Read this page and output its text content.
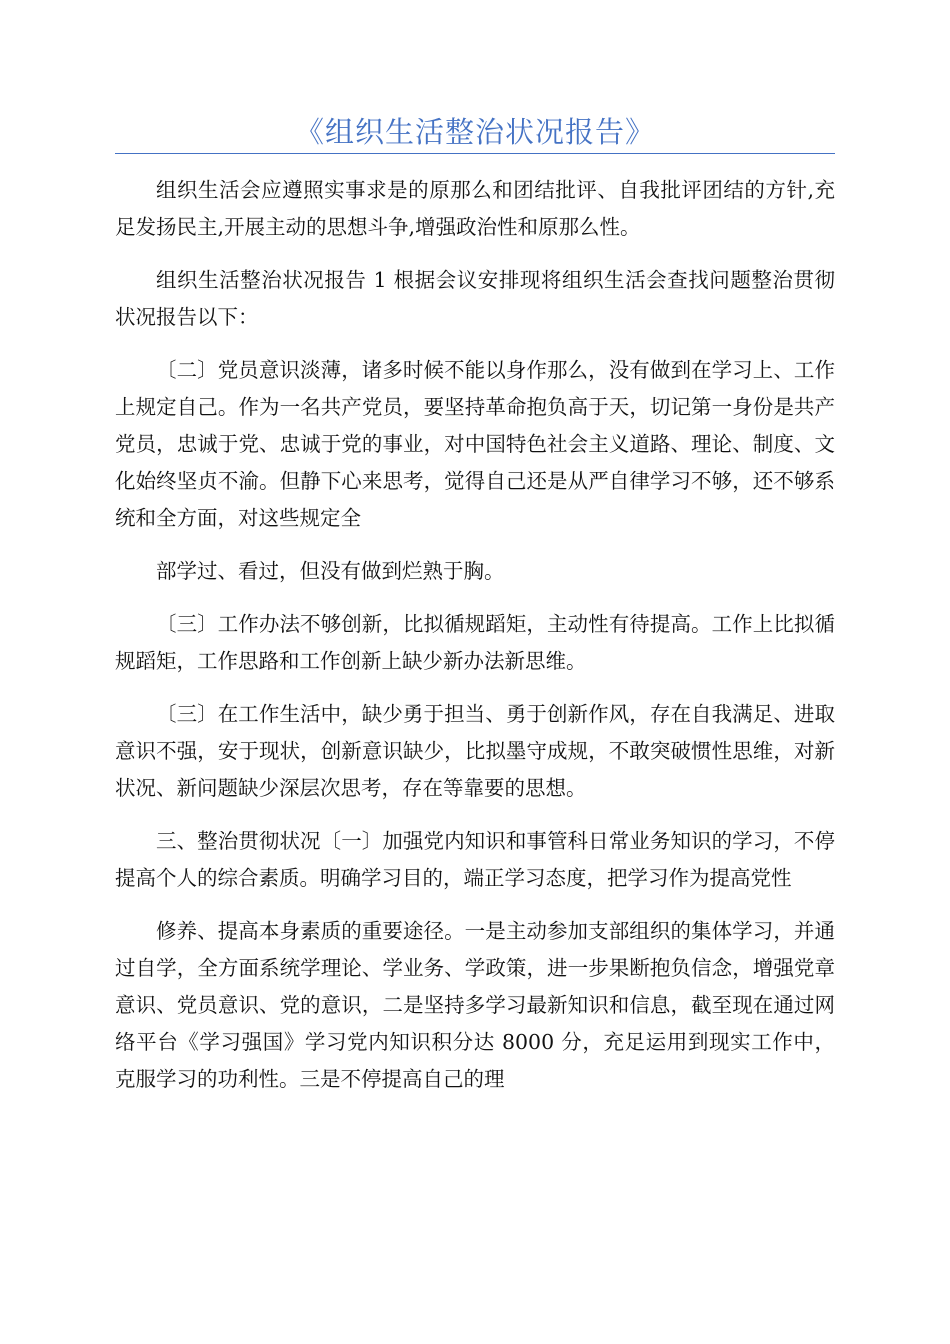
《组织生活整治状况报告》

组织生活会应遵照实事求是的原那么和团结批评、自我批评团结的方针,充足发扬民主,开展主动的思想斗争,增强政治性和原那么性。

组织生活整治状况报告 1 根据会议安排现将组织生活会查找问题整治贯彻状况报告以下：

〔二〕党员意识淡薄，诸多时候不能以身作那么，没有做到在学习上、工作上规定自己。作为一名共产党员，要坚持革命抱负高于天，切记第一身份是共产党员，忠诚于党、忠诚于党的事业，对中国特色社会主义道路、理论、制度、文化始终坚贞不渝。但静下心来思考，觉得自己还是从严自律学习不够，还不够系统和全方面，对这些规定全

部学过、看过，但没有做到烂熟于胸。

〔三〕工作办法不够创新，比拟循规蹈矩，主动性有待提高。工作上比拟循规蹈矩，工作思路和工作创新上缺少新办法新思维。

〔三〕在工作生活中，缺少勇于担当、勇于创新作风，存在自我满足、进取意识不强，安于现状，创新意识缺少，比拟墨守成规，不敢突破惯性思维，对新状况、新问题缺少深层次思考，存在等靠要的思想。

三、整治贯彻状况〔一〕加强党内知识和事管科日常业务知识的学习，不停提高个人的综合素质。明确学习目的，端正学习态度，把学习作为提高党性

修养、提高本身素质的重要途径。一是主动参加支部组织的集体学习，并通过自学，全方面系统学理论、学业务、学政策，进一步果断抱负信念，增强党章意识、党员意识、党的意识，二是坚持多学习最新知识和信息，截至现在通过网络平台《学习强国》学习党内知识积分达 8000 分，充足运用到现实工作中，克服学习的功利性。三是不停提高自己的理
